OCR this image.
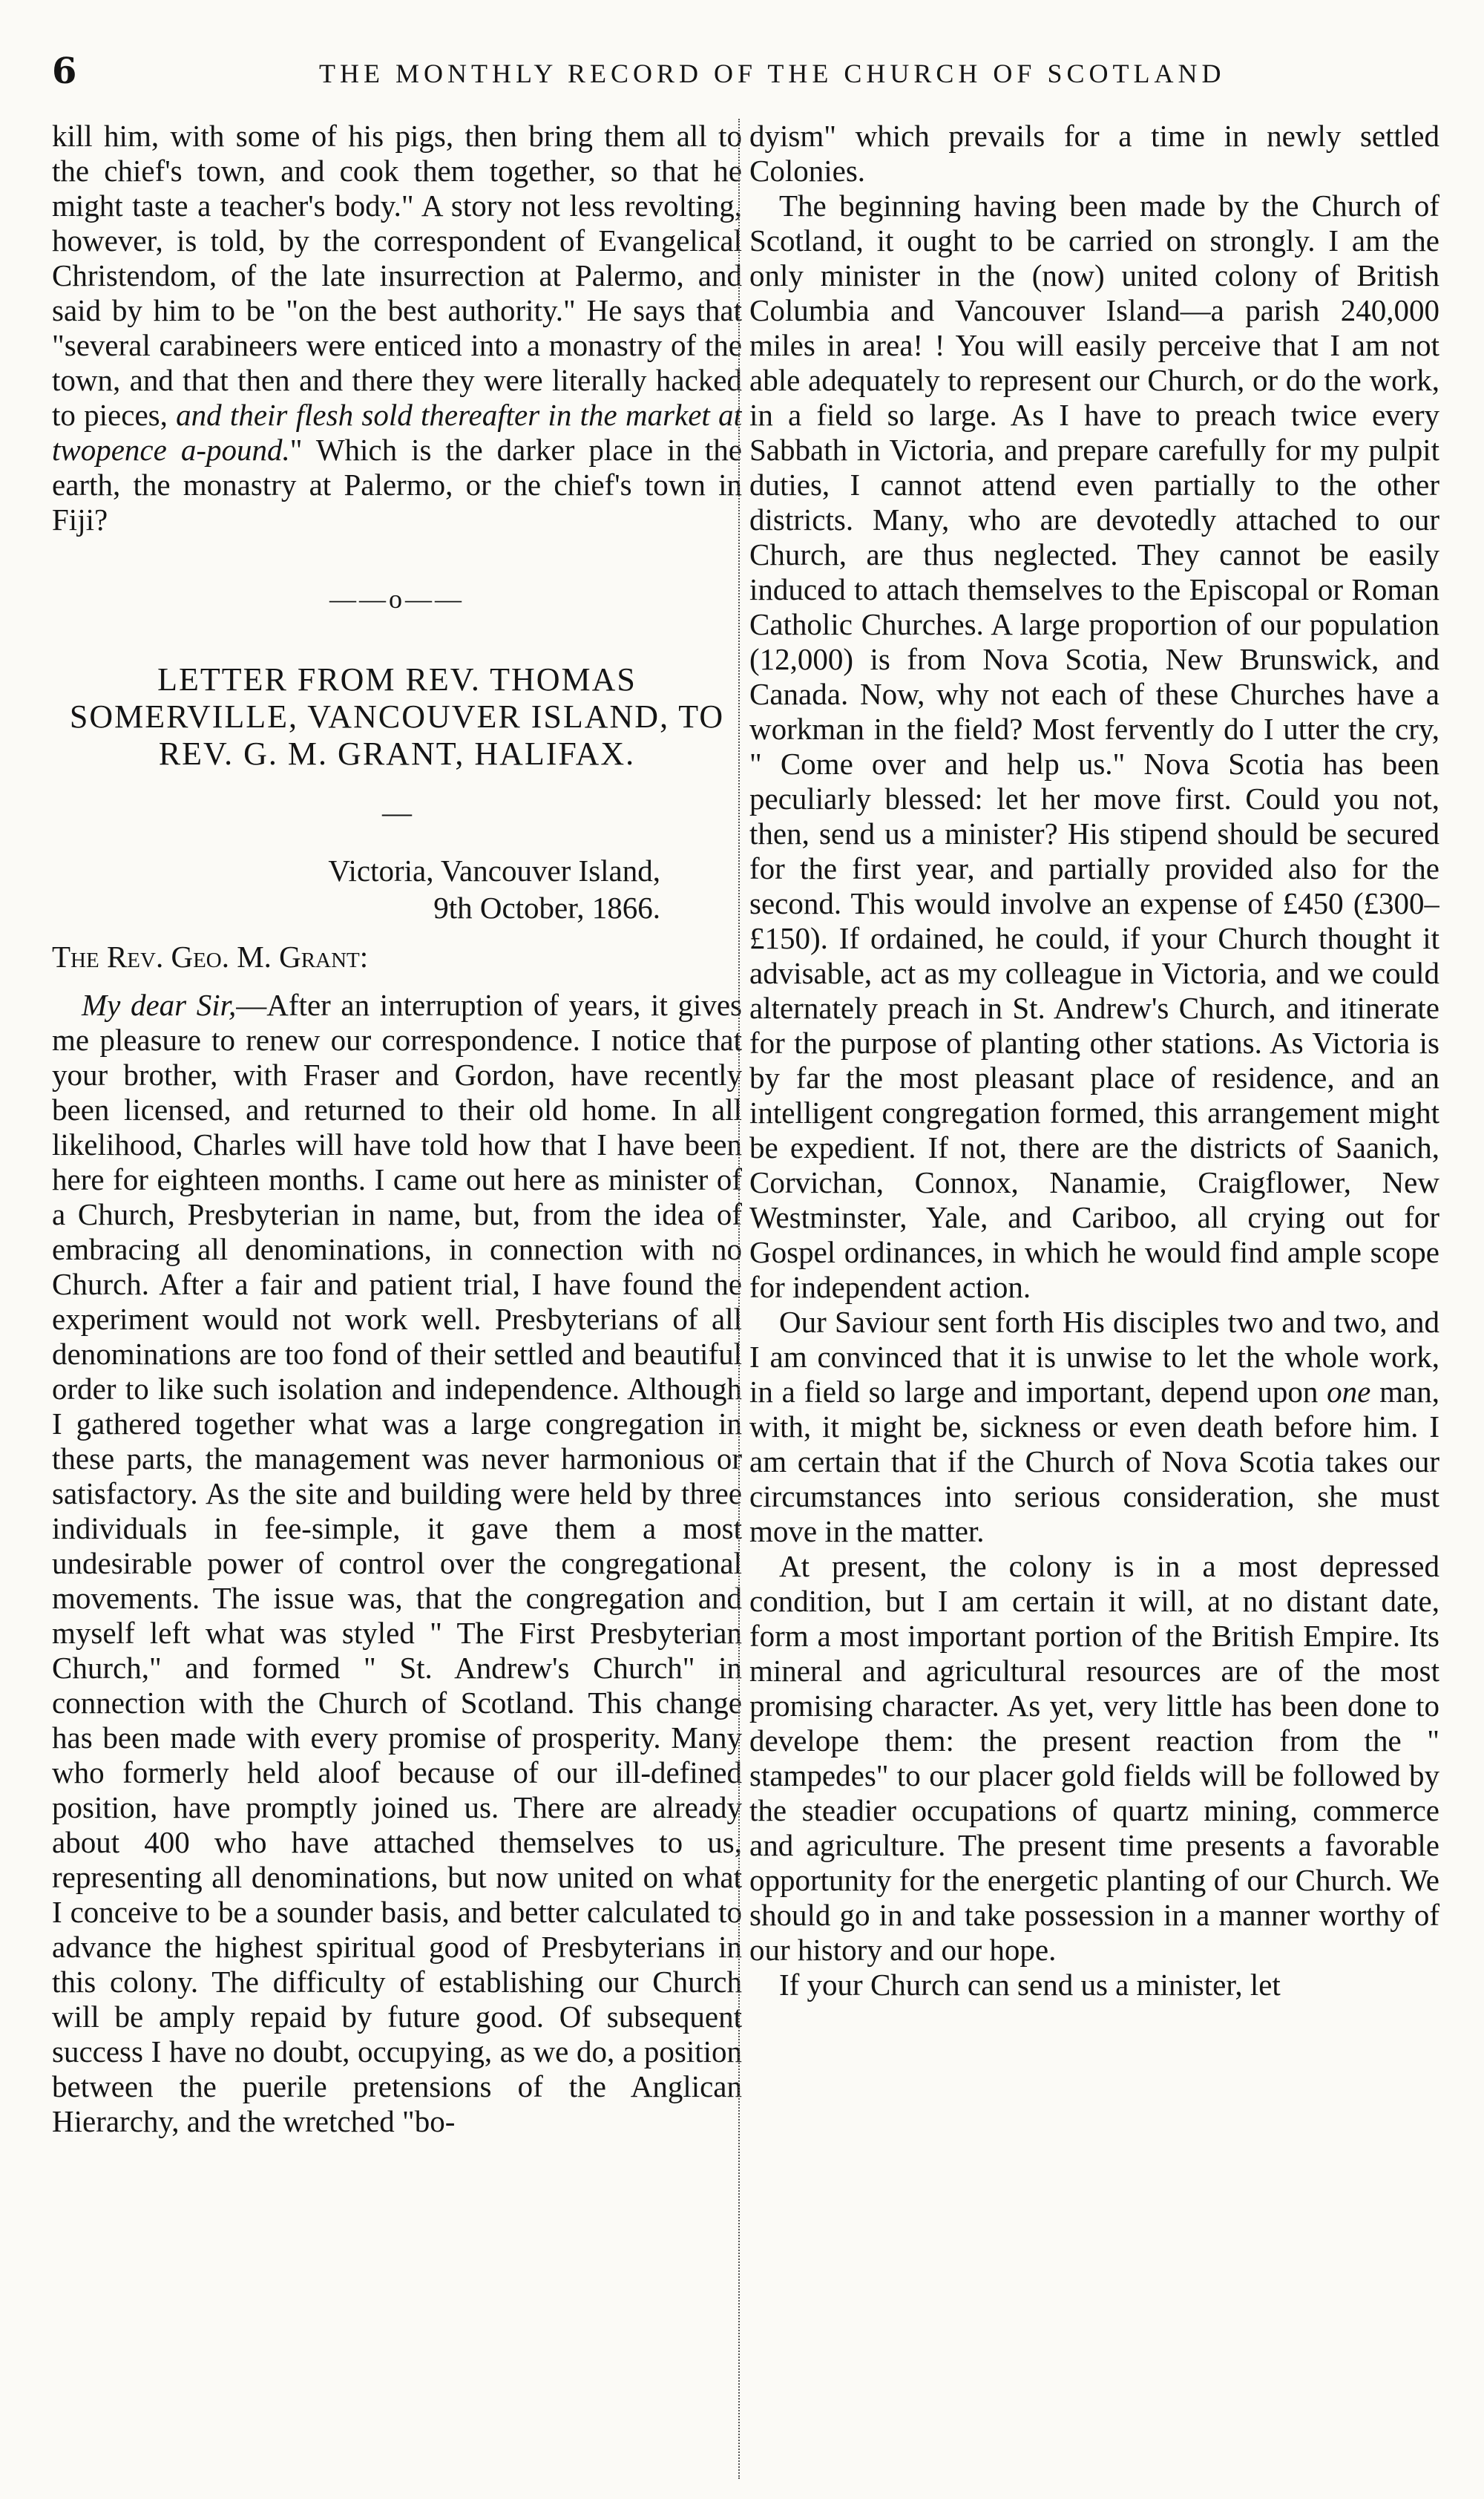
6	THE MONTHLY RECORD OF THE CHURCH OF SCOTLAND

kill him, with some of his pigs, then bring them all to the chief's town, and cook them together, so that he might taste a teacher's body." A story not less revolting, however, is told, by the correspondent of Evangelical Christendom, of the late insurrection at Palermo, and said by him to be "on the best authority." He says that "several carabineers were enticed into a monastry of the town, and that then and there they were literally hacked to pieces, and their flesh sold thereafter in the market at twopence a-pound." Which is the darker place in the earth, the monastry at Palermo, or the chief's town in Fiji?

——o——
LETTER FROM REV. THOMAS SOMERVILLE, VANCOUVER ISLAND, TO REV. G. M. GRANT, HALIFAX.
—
Victoria, Vancouver Island,
9th October, 1866.
The Rev. Geo. M. Grant:

My dear Sir,—After an interruption of years, it gives me pleasure to renew our correspondence. I notice that your brother, with Fraser and Gordon, have recently been licensed, and returned to their old home. In all likelihood, Charles will have told how that I have been here for eighteen months. I came out here as minister of a Church, Presbyterian in name, but, from the idea of embracing all denominations, in connection with no Church. After a fair and patient trial, I have found the experiment would not work well. Presbyterians of all denominations are too fond of their settled and beautiful order to like such isolation and independence. Although I gathered together what was a large congregation in these parts, the management was never harmonious or satisfactory. As the site and building were held by three individuals in fee-simple, it gave them a most undesirable power of control over the congregational movements. The issue was, that the congregation and myself left what was styled " The First Presbyterian Church," and formed " St. Andrew's Church" in connection with the Church of Scotland. This change has been made with every promise of prosperity. Many who formerly held aloof because of our ill-defined position, have promptly joined us. There are already about 400 who have attached themselves to us, representing all denominations, but now united on what I conceive to be a sounder basis, and better calculated to advance the highest spiritual good of Presbyterians in this colony. The difficulty of establishing our Church will be amply repaid by future good. Of subsequent success I have no doubt, occupying, as we do, a position between the puerile pretensions of the Anglican Hierarchy, and the wretched "bo-

dyism" which prevails for a time in newly settled Colonies.

The beginning having been made by the Church of Scotland, it ought to be carried on strongly. I am the only minister in the (now) united colony of British Columbia and Vancouver Island—a parish 240,000 miles in area! ! You will easily perceive that I am not able adequately to represent our Church, or do the work, in a field so large. As I have to preach twice every Sabbath in Victoria, and prepare carefully for my pulpit duties, I cannot attend even partially to the other districts. Many, who are devotedly attached to our Church, are thus neglected. They cannot be easily induced to attach themselves to the Episcopal or Roman Catholic Churches. A large proportion of our population (12,000) is from Nova Scotia, New Brunswick, and Canada. Now, why not each of these Churches have a workman in the field? Most fervently do I utter the cry, " Come over and help us." Nova Scotia has been peculiarly blessed: let her move first. Could you not, then, send us a minister? His stipend should be secured for the first year, and partially provided also for the second. This would involve an expense of £450 (£300–£150). If ordained, he could, if your Church thought it advisable, act as my colleague in Victoria, and we could alternately preach in St. Andrew's Church, and itinerate for the purpose of planting other stations. As Victoria is by far the most pleasant place of residence, and an intelligent congregation formed, this arrangement might be expedient. If not, there are the districts of Saanich, Corvichan, Connox, Nanamie, Craigflower, New Westminster, Yale, and Cariboo, all crying out for Gospel ordinances, in which he would find ample scope for independent action.

Our Saviour sent forth His disciples two and two, and I am convinced that it is unwise to let the whole work, in a field so large and important, depend upon one man, with, it might be, sickness or even death before him. I am certain that if the Church of Nova Scotia takes our circumstances into serious consideration, she must move in the matter.

At present, the colony is in a most depressed condition, but I am certain it will, at no distant date, form a most important portion of the British Empire. Its mineral and agricultural resources are of the most promising character. As yet, very little has been done to develope them: the present reaction from the " stampedes" to our placer gold fields will be followed by the steadier occupations of quartz mining, commerce and agriculture. The present time presents a favorable opportunity for the energetic planting of our Church. We should go in and take possession in a manner worthy of our history and our hope.

If your Church can send us a minister, let
